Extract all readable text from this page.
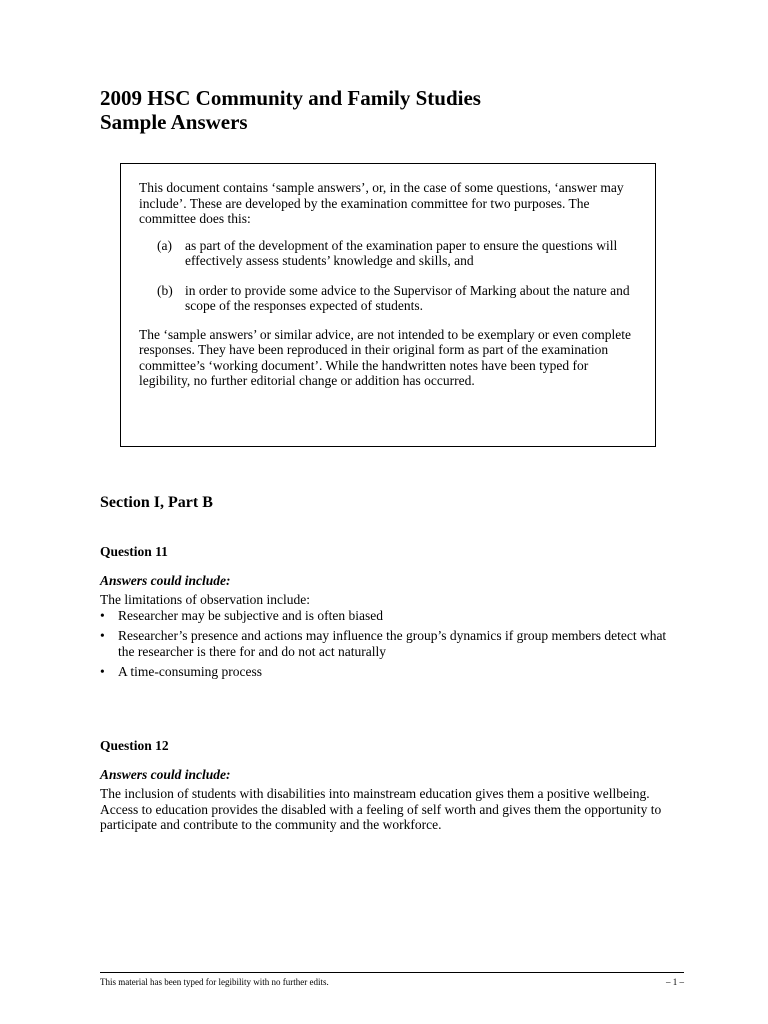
2009 HSC Community and Family Studies
Sample Answers

This document contains ‘sample answers’, or, in the case of some questions, ‘answer may include’. These are developed by the examination committee for two purposes. The committee does this:

(a) as part of the development of the examination paper to ensure the questions will effectively assess students’ knowledge and skills, and
(b) in order to provide some advice to the Supervisor of Marking about the nature and scope of the responses expected of students.

The ‘sample answers’ or similar advice, are not intended to be exemplary or even complete responses. They have been reproduced in their original form as part of the examination committee’s ‘working document’. While the handwritten notes have been typed for legibility, no further editorial change or addition has occurred.

Section I, Part B

Question 11

Answers could include:

The limitations of observation include:

• Researcher may be subjective and is often biased
• Researcher’s presence and actions may influence the group’s dynamics if group members detect what the researcher is there for and do not act naturally
• A time-consuming process

Question 12

Answers could include:

The inclusion of students with disabilities into mainstream education gives them a positive wellbeing. Access to education provides the disabled with a feeling of self worth and gives them the opportunity to participate and contribute to the community and the workforce.

This material has been typed for legibility with no further edits.	– 1 –
